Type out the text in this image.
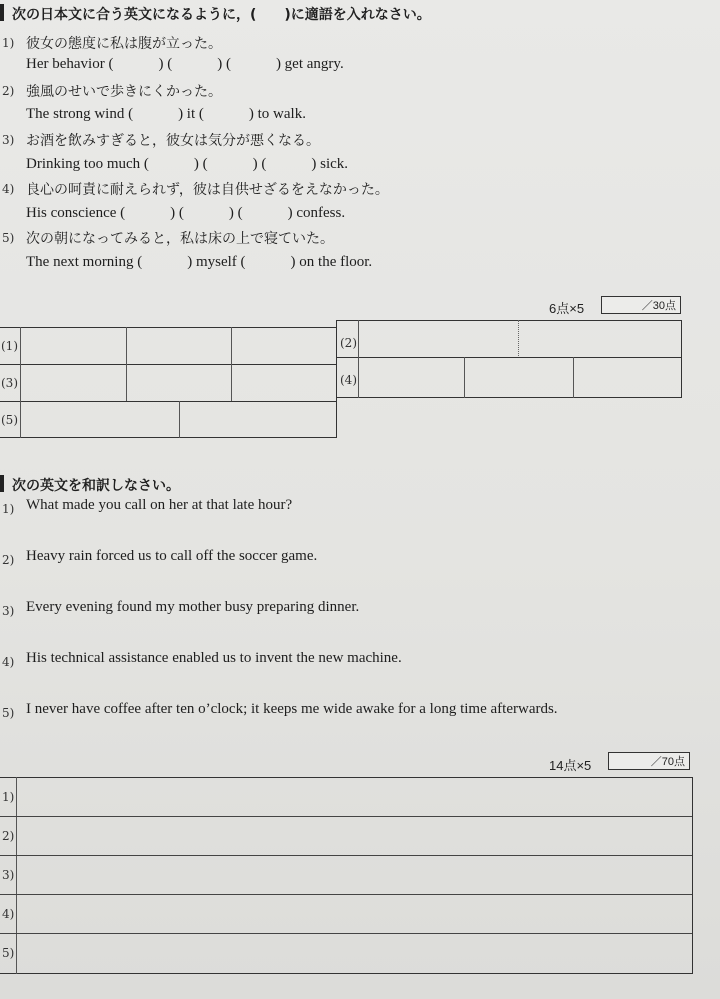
次の日本文に合う英文になるように，(　　)に適語を入れなさい。
1) 彼女の態度に私は腹が立った。
Her behavior (　　　) (　　　) (　　　) get angry.
2) 強風のせいで歩きにくかった。
The strong wind (　　　) it (　　　) to walk.
3) お酒を飲みすぎると，彼女は気分が悪くなる。
Drinking too much (　　　) (　　　) (　　　) sick.
4) 良心の呵責に耐えられず，彼は自供せざるをえなかった。
His conscience (　　　) (　　　) (　　　) confess.
5) 次の朝になってみると，私は床の上で寝ていた。
The next morning (　　　) myself (　　　) on the floor.
6点×5	／30点
(1)	(2)
(3)	(4)
(5)
次の英文を和訳しなさい。
1) What made you call on her at that late hour?
2) Heavy rain forced us to call off the soccer game.
3) Every evening found my mother busy preparing dinner.
4) His technical assistance enabled us to invent the new machine.
5) I never have coffee after ten o’clock; it keeps me wide awake for a long time afterwards.
14点×5	／70点
1)
2)
3)
4)
5)
